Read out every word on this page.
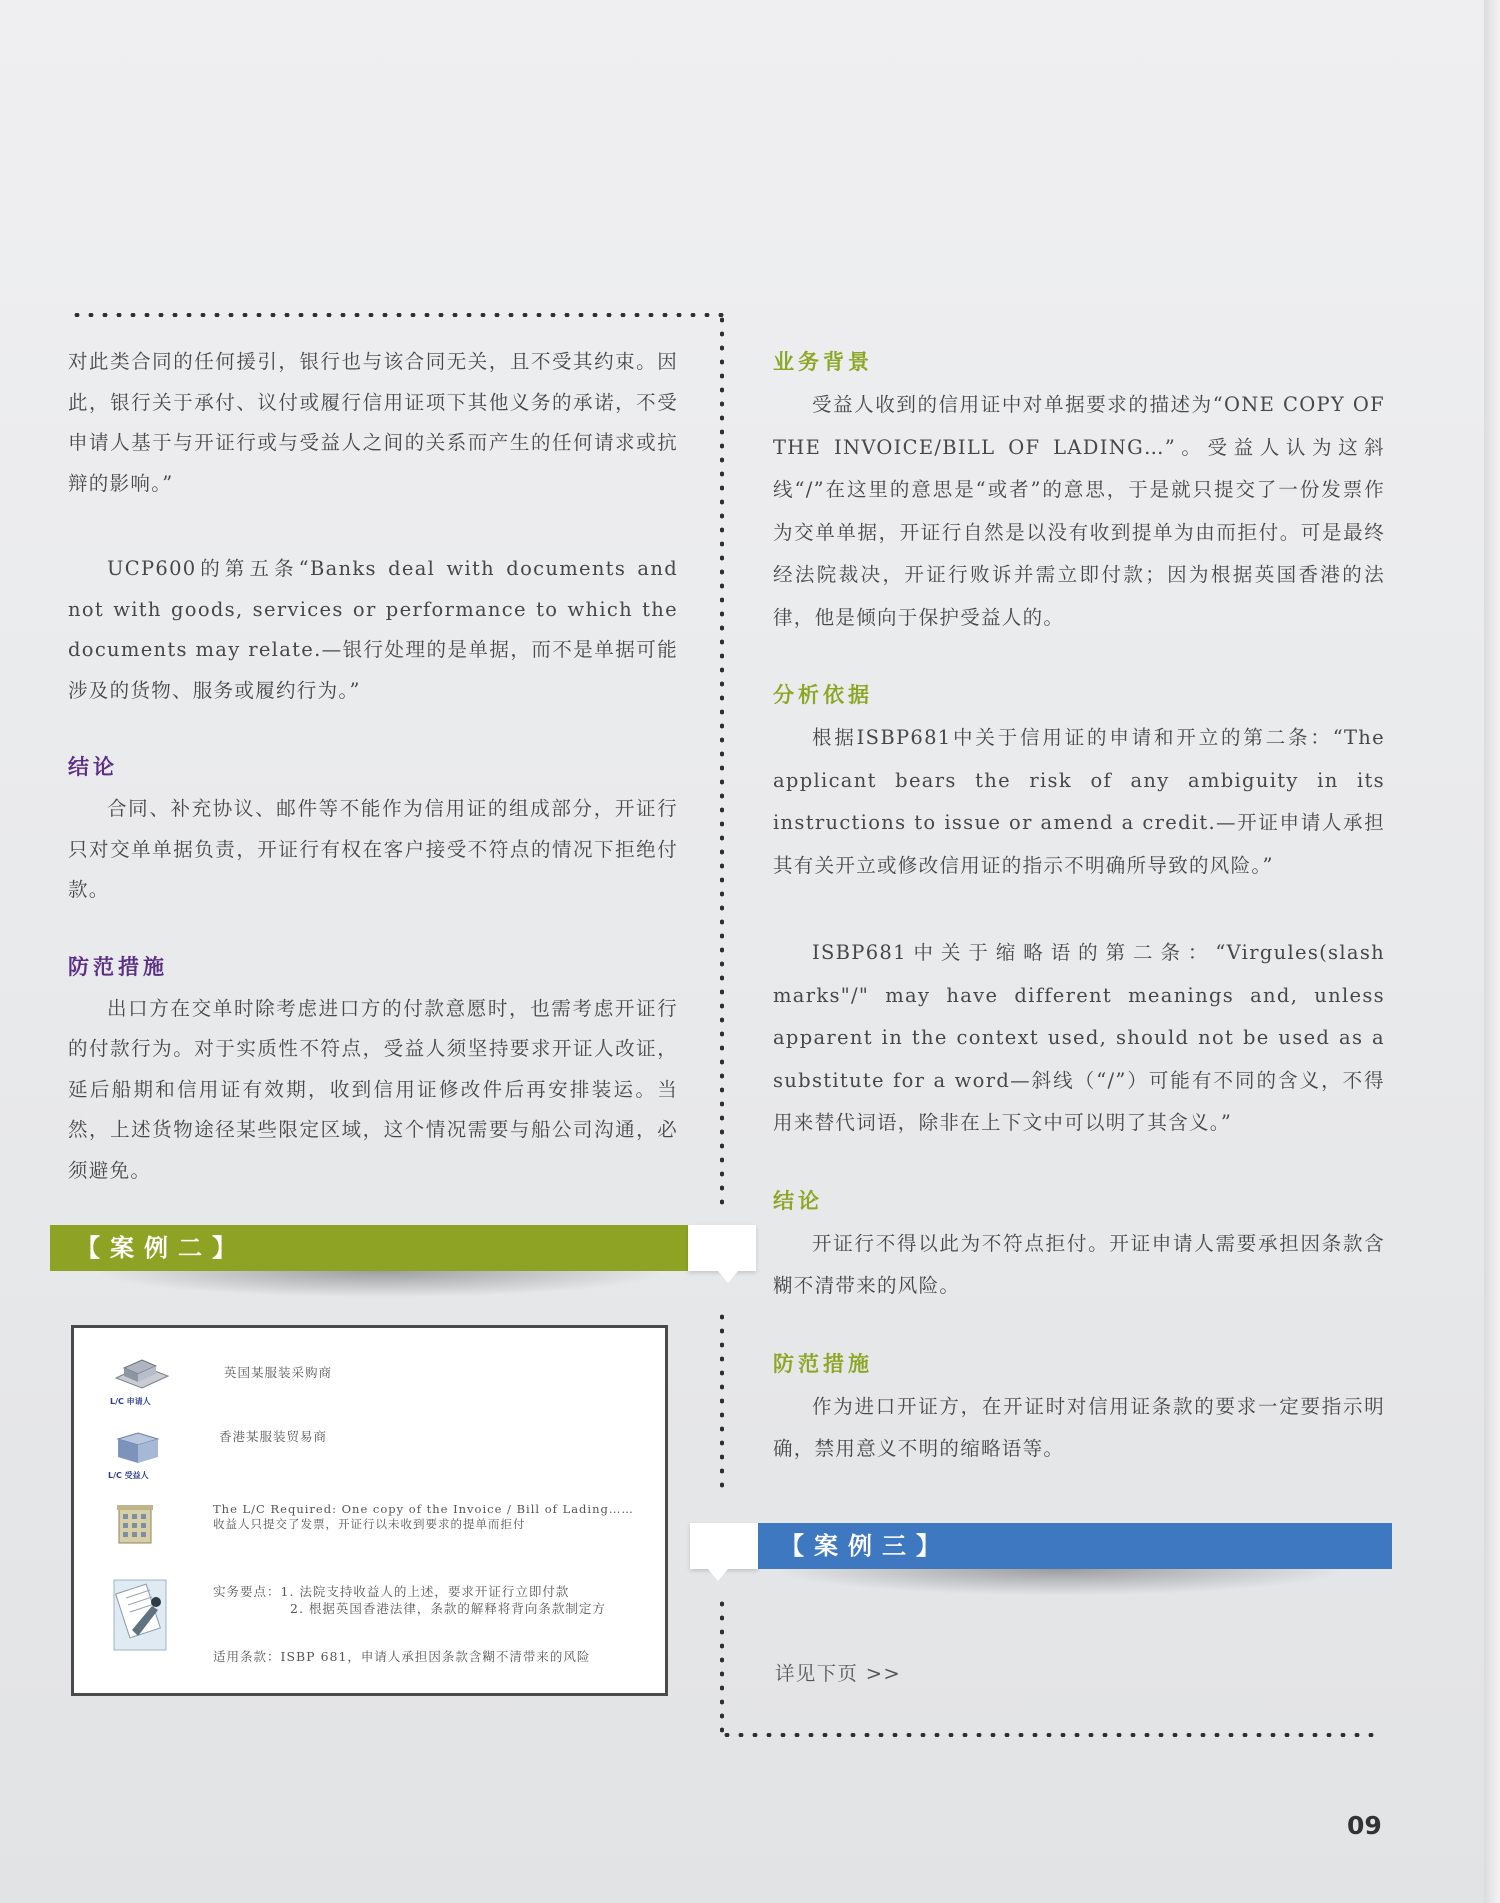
对此类合同的任何援引，银行也与该合同无关，且不受其约束。因此，银行关于承付、议付或履行信用证项下其他义务的承诺，不受申请人基于与开证行或与受益人之间的关系而产生的任何请求或抗辩的影响。”

UCP600的第五条“Banks deal with documents and not with goods, services or performance to which the documents may relate.—银行处理的是单据，而不是单据可能涉及的货物、服务或履约行为。”

结论

合同、补充协议、邮件等不能作为信用证的组成部分，开证行只对交单单据负责，开证行有权在客户接受不符点的情况下拒绝付款。

防范措施

出口方在交单时除考虑进口方的付款意愿时，也需考虑开证行的付款行为。对于实质性不符点，受益人须坚持要求开证人改证，延后船期和信用证有效期，收到信用证修改件后再安排装运。当然，上述货物途径某些限定区域，这个情况需要与船公司沟通，必须避免。

【案例二】
L/C 申请人
英国某服装采购商
L/C 受益人
香港某服装贸易商
The L/C Required: One copy of the Invoice / Bill of Lading……
收益人只提交了发票，开证行以未收到要求的提单而拒付
实务要点：1. 法院支持收益人的上述，要求开证行立即付款
2. 根据英国香港法律，条款的解释将背向条款制定方
适用条款：ISBP 681，申请人承担因条款含糊不清带来的风险
业务背景

受益人收到的信用证中对单据要求的描述为“ONE COPY OF THE INVOICE/BILL OF LADING…”。受益人认为这斜线“/”在这里的意思是“或者”的意思，于是就只提交了一份发票作为交单单据，开证行自然是以没有收到提单为由而拒付。可是最终经法院裁决，开证行败诉并需立即付款；因为根据英国香港的法律，他是倾向于保护受益人的。

分析依据

根据ISBP681中关于信用证的申请和开立的第二条：“The applicant bears the risk of any ambiguity in its instructions to issue or amend a credit.—开证申请人承担其有关开立或修改信用证的指示不明确所导致的风险。”

ISBP681中关于缩略语的第二条：“Virgules(slash marks"/" may have different meanings and, unless apparent in the context used, should not be used as a substitute for a word—斜线（“/”）可能有不同的含义，不得用来替代词语，除非在上下文中可以明了其含义。”

结论

开证行不得以此为不符点拒付。开证申请人需要承担因条款含糊不清带来的风险。

防范措施

作为进口开证方，在开证时对信用证条款的要求一定要指示明确，禁用意义不明的缩略语等。

【案例三】
详见下页 >>
09
